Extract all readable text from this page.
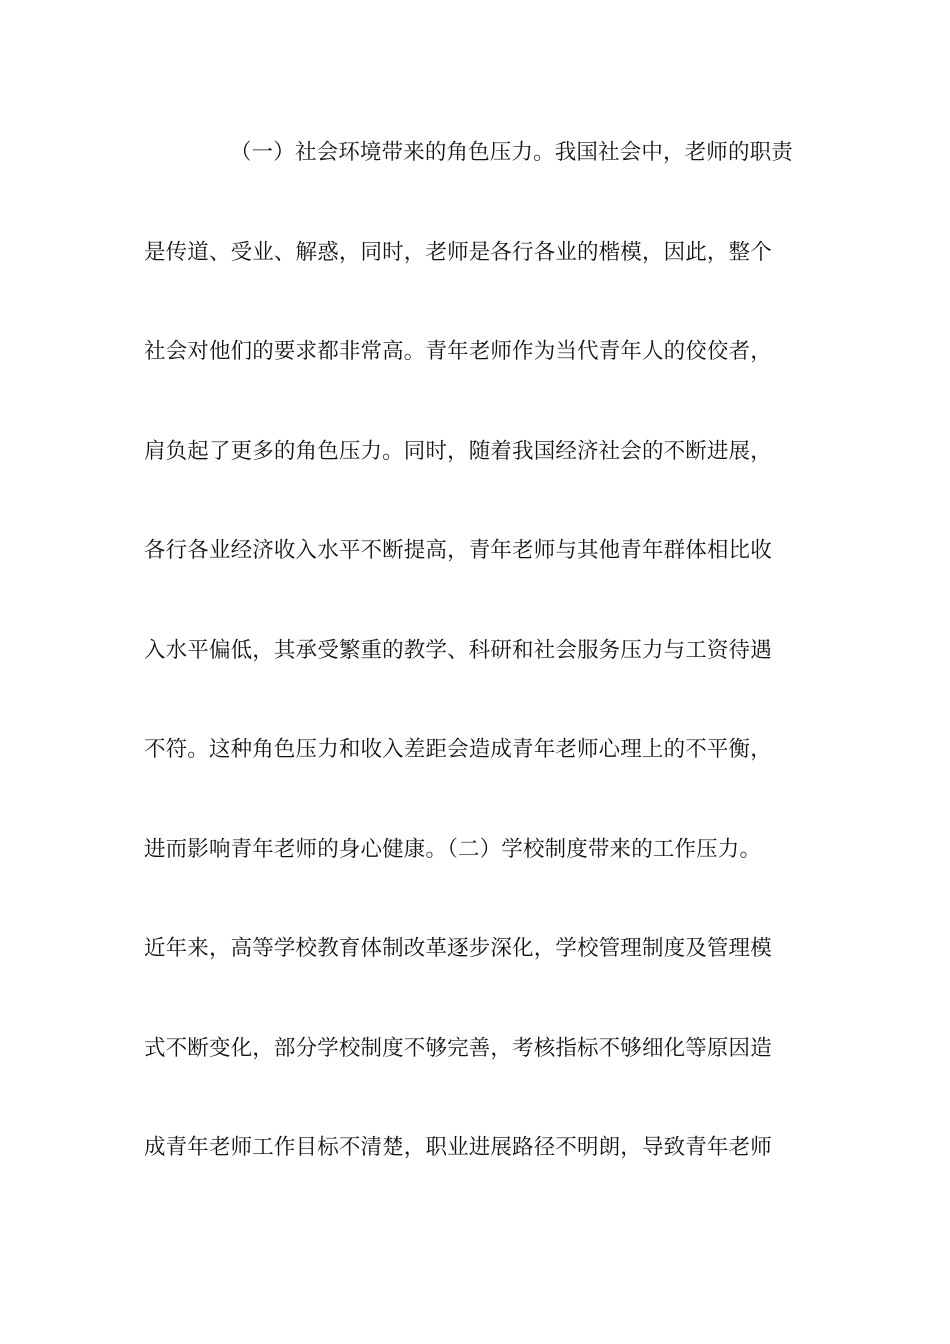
（一）社会环境带来的角色压力。我国社会中，老师的职责
是传道、受业、解惑，同时，老师是各行各业的楷模，因此，整个
社会对他们的要求都非常高。青年老师作为当代青年人的佼佼者，
肩负起了更多的角色压力。同时，随着我国经济社会的不断进展，
各行各业经济收入水平不断提高，青年老师与其他青年群体相比收
入水平偏低，其承受繁重的教学、科研和社会服务压力与工资待遇
不符。这种角色压力和收入差距会造成青年老师心理上的不平衡，
进而影响青年老师的身心健康。（二）学校制度带来的工作压力。
近年来，高等学校教育体制改革逐步深化，学校管理制度及管理模
式不断变化，部分学校制度不够完善，考核指标不够细化等原因造
成青年老师工作目标不清楚，职业进展路径不明朗，导致青年老师
